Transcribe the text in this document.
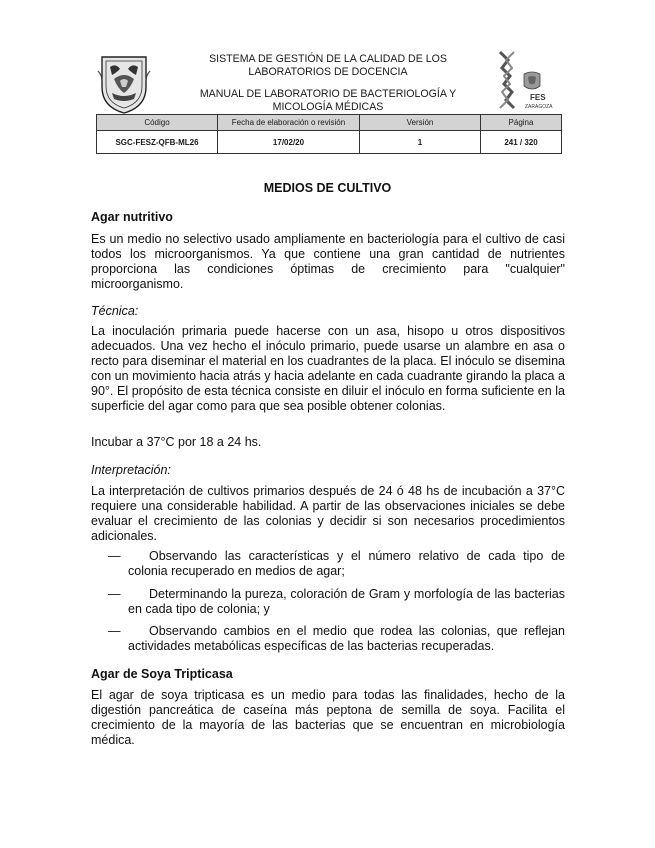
SISTEMA DE GESTIÓN DE LA CALIDAD DE LOS LABORATORIOS DE DOCENCIA
MANUAL DE LABORATORIO DE BACTERIOLOGÍA Y MICOLOGÍA MÉDICAS
FES
ZARAGOZA
Código	Fecha de elaboración o revisión	Versión	Página
SGC-FESZ-QFB-ML26	17/02/20	1	241 / 320
MEDIOS DE CULTIVO
Agar nutritivo
Es un medio no selectivo usado ampliamente en bacteriología para el cultivo de casi todos los microorganismos. Ya que contiene una gran cantidad de nutrientes proporciona las condiciones óptimas de crecimiento para "cualquier" microorganismo.
Técnica:
La inoculación primaria puede hacerse con un asa, hisopo u otros dispositivos adecuados. Una vez hecho el inóculo primario, puede usarse un alambre en asa o recto para diseminar el material en los cuadrantes de la placa. El inóculo se disemina con un movimiento hacia atrás y hacia adelante en cada cuadrante girando la placa a 90°. El propósito de esta técnica consiste en diluir el inóculo en forma suficiente en la superficie del agar como para que sea posible obtener colonias.
Incubar a 37°C por 18 a 24 hs.
Interpretación:
La interpretación de cultivos primarios después de 24 ó 48 hs de incubación a 37°C requiere una considerable habilidad. A partir de las observaciones iniciales se debe evaluar el crecimiento de las colonias y decidir si son necesarios procedimientos adicionales.
—	Observando las características y el número relativo de cada tipo de colonia recuperado en medios de agar;
—	Determinando la pureza, coloración de Gram y morfología de las bacterias en cada tipo de colonia; y
—	Observando cambios en el medio que rodea las colonias, que reflejan actividades metabólicas específicas de las bacterias recuperadas.
Agar de Soya Tripticasa
El agar de soya tripticasa es un medio para todas las finalidades, hecho de la digestión pancreática de caseína más peptona de semilla de soya. Facilita el crecimiento de la mayoría de las bacterias que se encuentran en microbiología médica.
